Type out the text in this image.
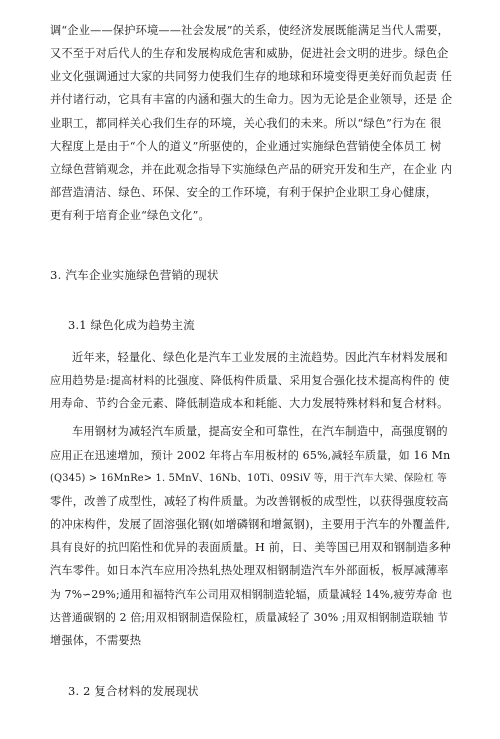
调“企业——保护环境——社会发展”的关系，使经济发展既能满足当代人需要，
又不至于对后代人的生存和发展构成危害和威胁，促进社会文明的进步。绿色企
业文化强调通过大家的共同努力使我们生存的地球和环境变得更美好而负起责 任
并付诸行动，它具有丰富的内涵和强大的生命力。因为无论是企业领导，还是 企
业职工，都同样关心我们生存的环境，关心我们的未来。所以“绿色”行为在 很
大程度上是由于“个人的道义”所驱使的，企业通过实施绿色营销使全体员工 树
立绿色营销观念，并在此观念指导下实施绿色产品的研究开发和生产，在企业 内
部营造清洁、绿色、环保、安全的工作环境，有利于保护企业职工身心健康，
更有利于培育企业“绿色文化”。
3. 汽车企业实施绿色营销的现状
3.1 绿色化成为趋势主流
近年来，轻量化、绿色化是汽车工业发展的主流趋势。因此汽车材料发展和
应用趋势是:提高材料的比强度、降低构件质量、采用复合强化技术提高构件的 使
用寿命、节约合金元素、降低制造成本和耗能、大力发展特殊材料和复合材料。
车用钢材为减轻汽车质量，提高安全和可靠性，在汽车制造中，高强度钢的
应用正在迅速增加，预计 2002 年将占车用板材的 65%,减轻车质量，如 16 Mn
(Q345) > 16MnRe> 1. 5MnV、16Nb、10Ti、09SiV 等，用于汽车大梁、保险杠 等
零件，改善了成型性，减轻了构件质量。为改善钢板的成型性，以获得强度较高
的冲床构件，发展了固溶强化钢(如增磷钢和增氮钢)，主要用于汽车的外覆盖件,
具有良好的抗凹陷性和优异的表面质量。H 前，日、美等国已用双和钢制造多种
汽车零件。如日本汽车应用冷热轧热处理双相钢制造汽车外部面板，板厚减薄率
为 7%∽29%;通用和福特汽车公司用双相钢制造轮辐，质量减轻 14%,疲劳寿命 也
达普通碳钢的 2 倍;用双相钢制造保险杠，质量减轻了 30% ;用双相钢制造联轴 节
增强体，不需要热
3. 2 复合材料的发展现状
